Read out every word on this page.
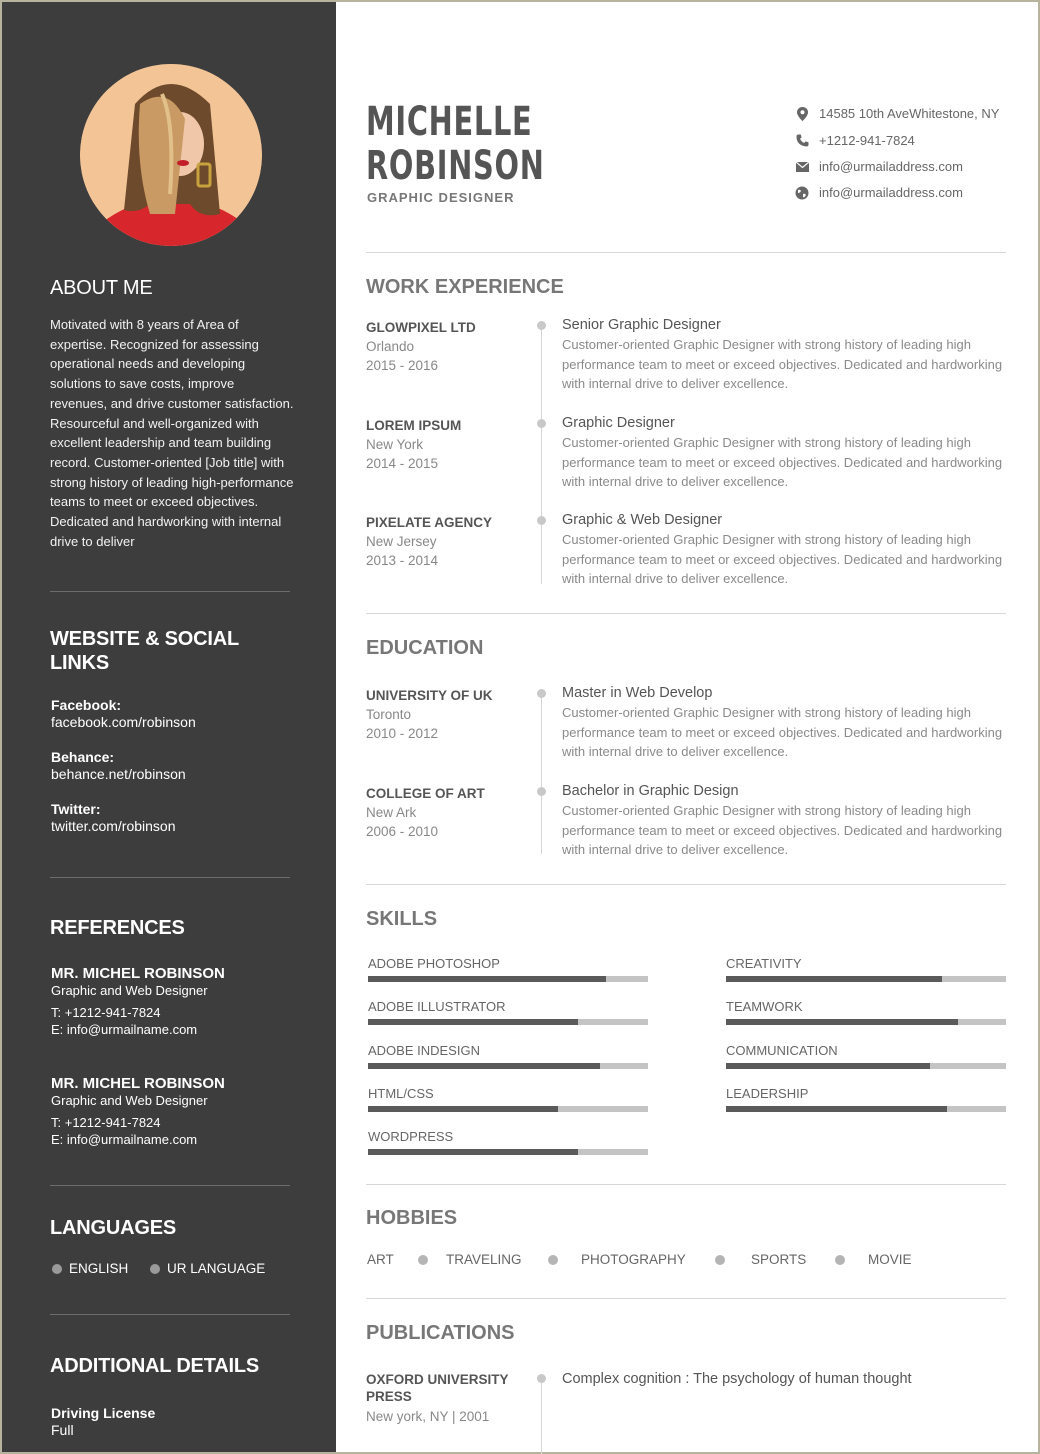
ABOUT ME
Motivated with 8 years of Area of expertise. Recognized for assessing operational needs and developing solutions to save costs, improve revenues, and drive customer satisfaction. Resourceful and well-organized with excellent leadership and team building record. Customer-oriented [Job title] with strong history of leading high-performance teams to meet or exceed objectives. Dedicated and hardworking with internal drive to deliver
WEBSITE & SOCIAL LINKS
Facebook:
facebook.com/robinson
Behance:
behance.net/robinson
Twitter:
twitter.com/robinson
REFERENCES
MR. MICHEL ROBINSON
Graphic and Web Designer
T: +1212-941-7824
E: info@urmailname.com
MR. MICHEL ROBINSON
Graphic and Web Designer
T: +1212-941-7824
E: info@urmailname.com
LANGUAGES
ENGLISH	UR LANGUAGE
ADDITIONAL DETAILS
Driving License
Full
MICHELLE
ROBINSON
GRAPHIC DESIGNER
14585 10th AveWhitestone, NY
+1212-941-7824
info@urmailaddress.com
info@urmailaddress.com
WORK EXPERIENCE
GLOWPIXEL LTD
Orlando
2015 - 2016
Senior Graphic Designer
Customer-oriented Graphic Designer with strong history of leading high performance team to meet or exceed objectives. Dedicated and hardworking with internal drive to deliver excellence.
LOREM IPSUM
New York
2014 - 2015
Graphic Designer
Customer-oriented Graphic Designer with strong history of leading high performance team to meet or exceed objectives. Dedicated and hardworking with internal drive to deliver excellence.
PIXELATE AGENCY
New Jersey
2013 - 2014
Graphic & Web Designer
Customer-oriented Graphic Designer with strong history of leading high performance team to meet or exceed objectives. Dedicated and hardworking with internal drive to deliver excellence.
EDUCATION
UNIVERSITY OF UK
Toronto
2010 - 2012
Master in Web Develop
Customer-oriented Graphic Designer with strong history of leading high performance team to meet or exceed objectives. Dedicated and hardworking with internal drive to deliver excellence.
COLLEGE OF ART
New Ark
2006 - 2010
Bachelor in Graphic Design
Customer-oriented Graphic Designer with strong history of leading high performance team to meet or exceed objectives. Dedicated and hardworking with internal drive to deliver excellence.
SKILLS
HOBBIES
ART	TRAVELING	PHOTOGRAPHY	SPORTS	MOVIE
PUBLICATIONS
OXFORD UNIVERSITY PRESS
New york, NY | 2001
Complex cognition : The psychology of human thought
ADOBE PHOTOSHOP
ADOBE ILLUSTRATOR
ADOBE INDESIGN
HTML/CSS
WORDPRESS
CREATIVITY
TEAMWORK
COMMUNICATION
LEADERSHIP
